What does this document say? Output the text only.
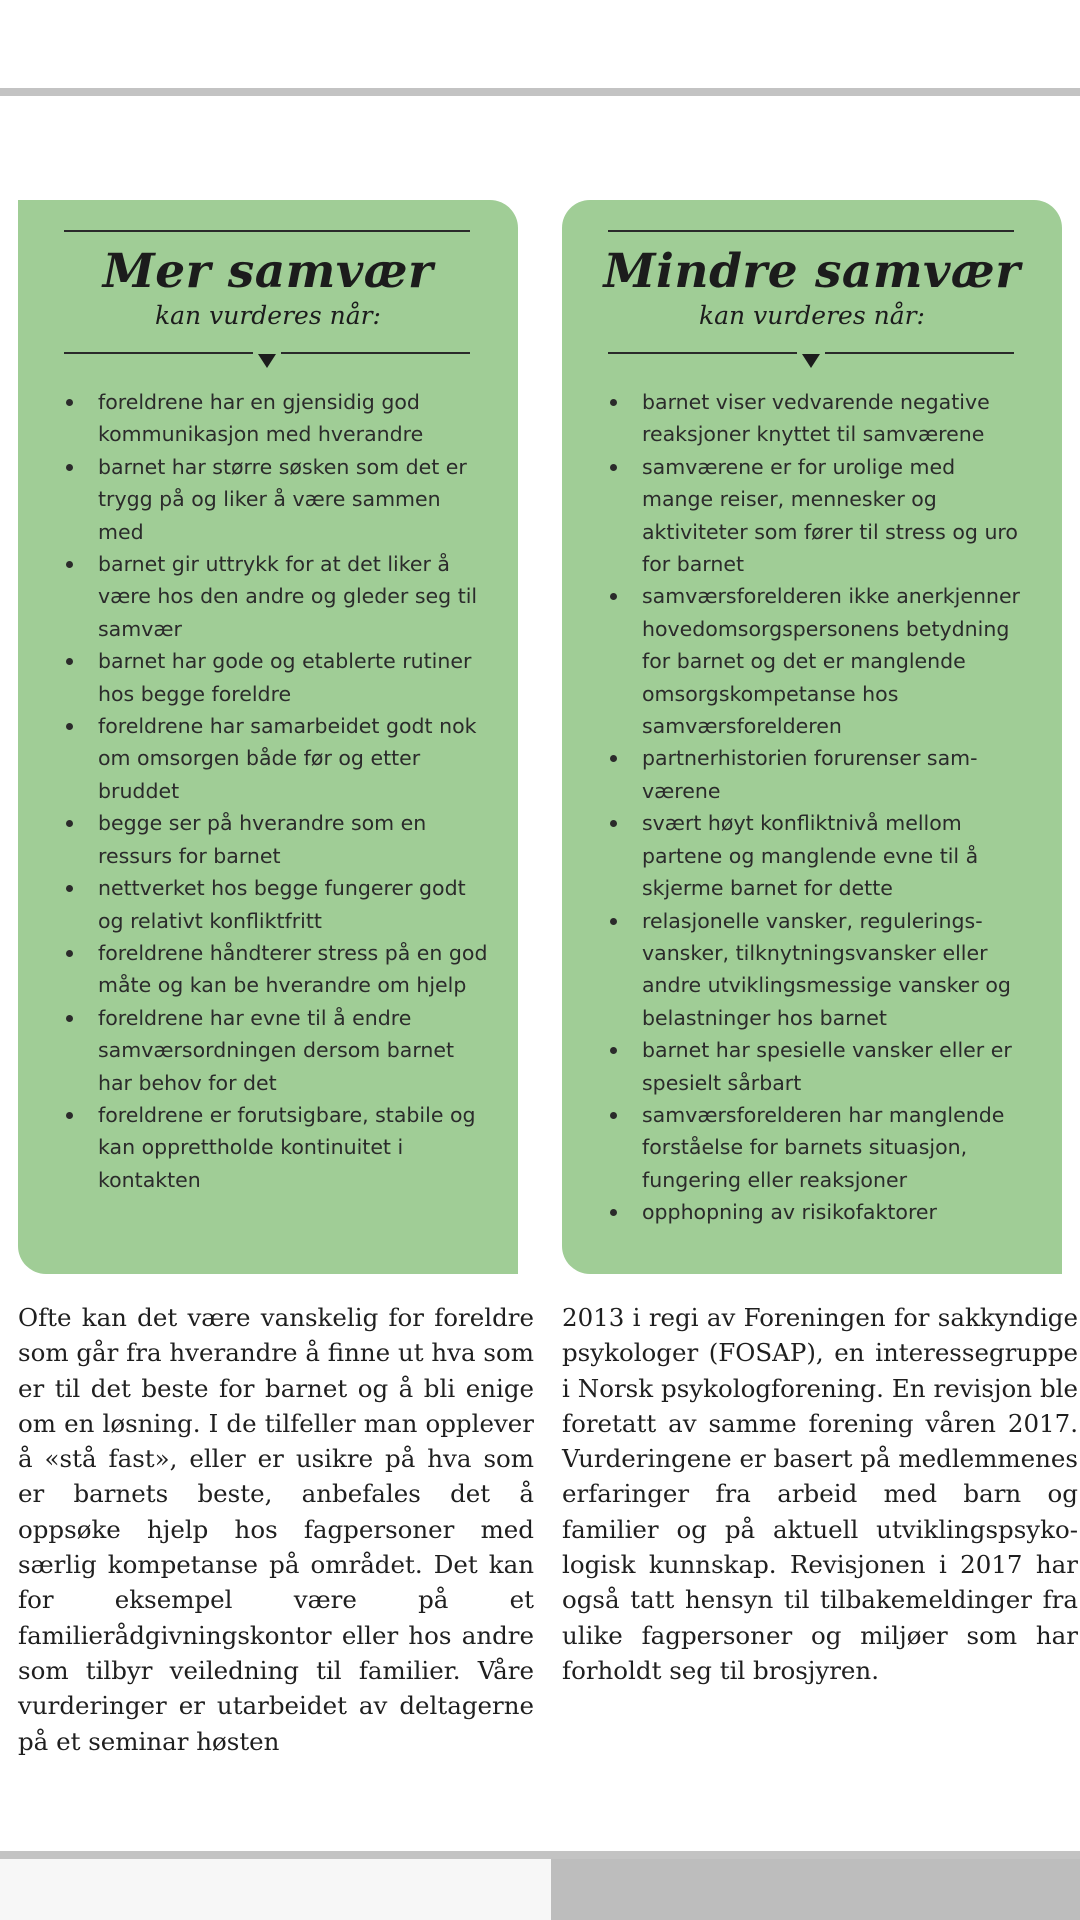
Mer samvær
kan vurderes når:
foreldrene har en gjensidig god kommunikasjon med hverandre
barnet har større søsken som det er trygg på og liker å være sammen med
barnet gir uttrykk for at det liker å være hos den andre og gleder seg til samvær
barnet har gode og etablerte rutiner hos begge foreldre
foreldrene har samarbeidet godt nok om omsorgen både før og etter bruddet
begge ser på hverandre som en ressurs for barnet
nettverket hos begge fungerer godt og relativt konfliktfritt
foreldrene håndterer stress på en god måte og kan be hverandre om hjelp
foreldrene har evne til å endre samværsordningen dersom barnet har behov for det
foreldrene er forutsigbare, stabile og kan opprettholde kontinuitet i kontakten
Mindre samvær
kan vurderes når:
barnet viser vedvarende negative reaksjoner knyttet til samværene
samværene er for urolige med mange reiser, mennesker og aktiviteter som fører til stress og uro for barnet
samværsforelderen ikke anerkjenner hovedomsorgspersonens betydning for barnet og det er manglende omsorgskompetanse hos samværsforelderen
partnerhistorien forurenser samværene
svært høyt konfliktnivå mellom partene og manglende evne til å skjerme barnet for dette
relasjonelle vansker, reguleringsvansker, tilknytningsvansker eller andre utviklingsmessige vansker og belastninger hos barnet
barnet har spesielle vansker eller er spesielt sårbart
samværsforelderen har manglende forståelse for barnets situasjon, fungering eller reaksjoner
opphopning av risikofaktorer
Ofte kan det være vanskelig for foreldre som går fra hverandre å finne ut hva som er til det beste for barnet og å bli enige om en løsning. I de tilfeller man opplever å «stå fast», eller er usikre på hva som er barnets beste, anbefales det å oppsøke hjelp hos fagpersoner med særlig kompetanse på området. Det kan for eksempel være på et familierådgivningskontor eller hos andre som tilbyr veiledning til familier. Våre vurderinger er utarbeidet av deltagerne på et seminar høsten
2013 i regi av Foreningen for sakkyndige psykologer (FOSAP), en interessegruppe i Norsk psykologforening. En revisjon ble foretatt av samme forening våren 2017. Vurderingene er basert på medlemmenes erfaringer fra arbeid med barn og familier og på aktuell utviklingspsykologisk kunnskap. Revisjonen i 2017 har også tatt hensyn til tilbakemeldinger fra ulike fagpersoner og miljøer som har forholdt seg til brosjyren.
